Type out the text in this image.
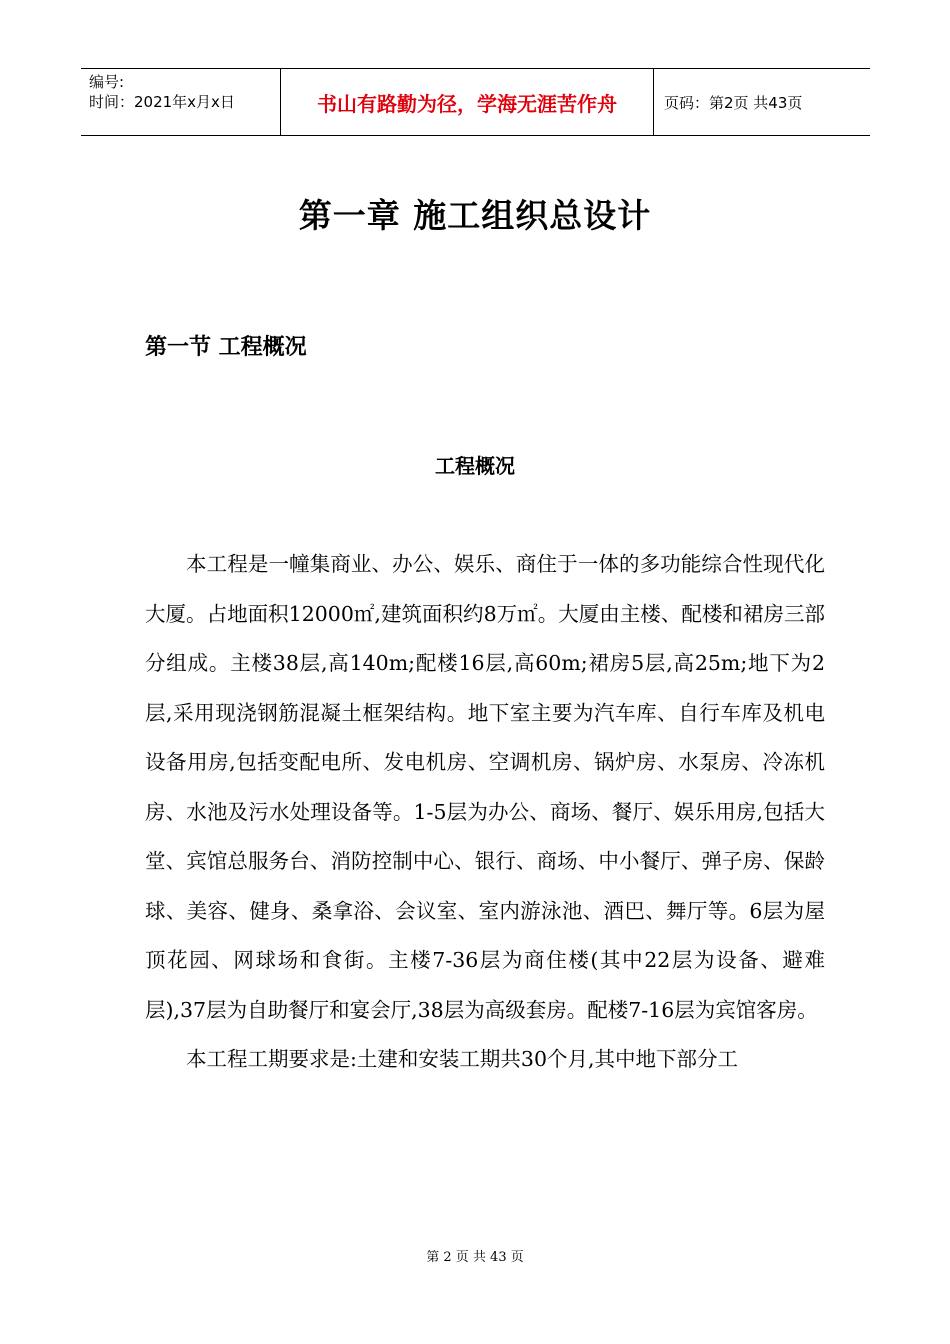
编号:
时间：2021年x月x日	书山有路勤为径，学海无涯苦作舟	页码：第2页 共43页
第一章 施工组织总设计
第一节 工程概况
工程概况

本工程是一幢集商业、办公、娱乐、商住于一体的多功能综合性现代化大厦。占地面积12000㎡,建筑面积约8万㎡。大厦由主楼、配楼和裙房三部分组成。主楼38层,高140m;配楼16层,高60m;裙房5层,高25m;地下为2层,采用现浇钢筋混凝土框架结构。地下室主要为汽车库、自行车库及机电设备用房,包括变配电所、发电机房、空调机房、锅炉房、水泵房、冷冻机房、水池及污水处理设备等。1-5层为办公、商场、餐厅、娱乐用房,包括大堂、宾馆总服务台、消防控制中心、银行、商场、中小餐厅、弹子房、保龄球、美容、健身、桑拿浴、会议室、室内游泳池、酒巴、舞厅等。6层为屋顶花园、网球场和食街。主楼7-36层为商住楼(其中22层为设备、避难层),37层为自助餐厅和宴会厅,38层为高级套房。配楼7-16层为宾馆客房。

本工程工期要求是:土建和安装工期共30个月,其中地下部分工

第 2 页 共 43 页
